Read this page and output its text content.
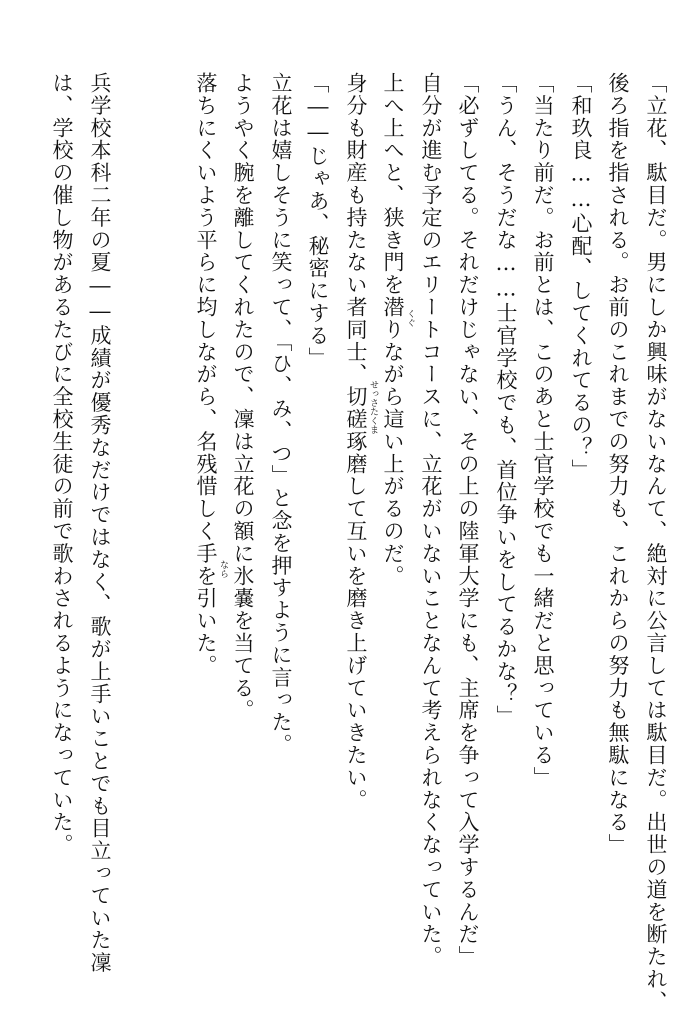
「立花、駄目だ。男にしか興味がないなんて、絶対に公言しては駄目だ。出世の道を断たれ、
後ろ指を指される。お前のこれまでの努力も、これからの努力も無駄になる」
「和玖良……心配、してくれてるの？」
「当たり前だ。お前とは、このあと士官学校でも一緒だと思っている」
「うん、そうだな……士官学校でも、首位争いをしてるかな？」
「必ずしてる。それだけじゃない、その上の陸軍大学にも、主席を争って入学するんだ」
自分が進む予定のエリートコースに、立花がいないことなんて考えられなくなっていた。
上へ上へと、狭き門を潜りながら這い上がるのだ。
身分も財産も持たない者同士、切磋琢磨して互いを磨き上げていきたい。
「――じゃあ、秘密にする」
立花は嬉しそうに笑って、「ひ、み、つ」と念を押すように言った。
ようやく腕を離してくれたので、凜は立花の額に氷嚢を当てる。
落ちにくいよう平らに均しながら、名残惜しく手を引いた。
兵学校本科二年の夏――成績が優秀なだけではなく、歌が上手いことでも目立っていた凜
は、学校の催し物があるたびに全校生徒の前で歌わされるようになっていた。	くぐ
せっさたくま
なら
